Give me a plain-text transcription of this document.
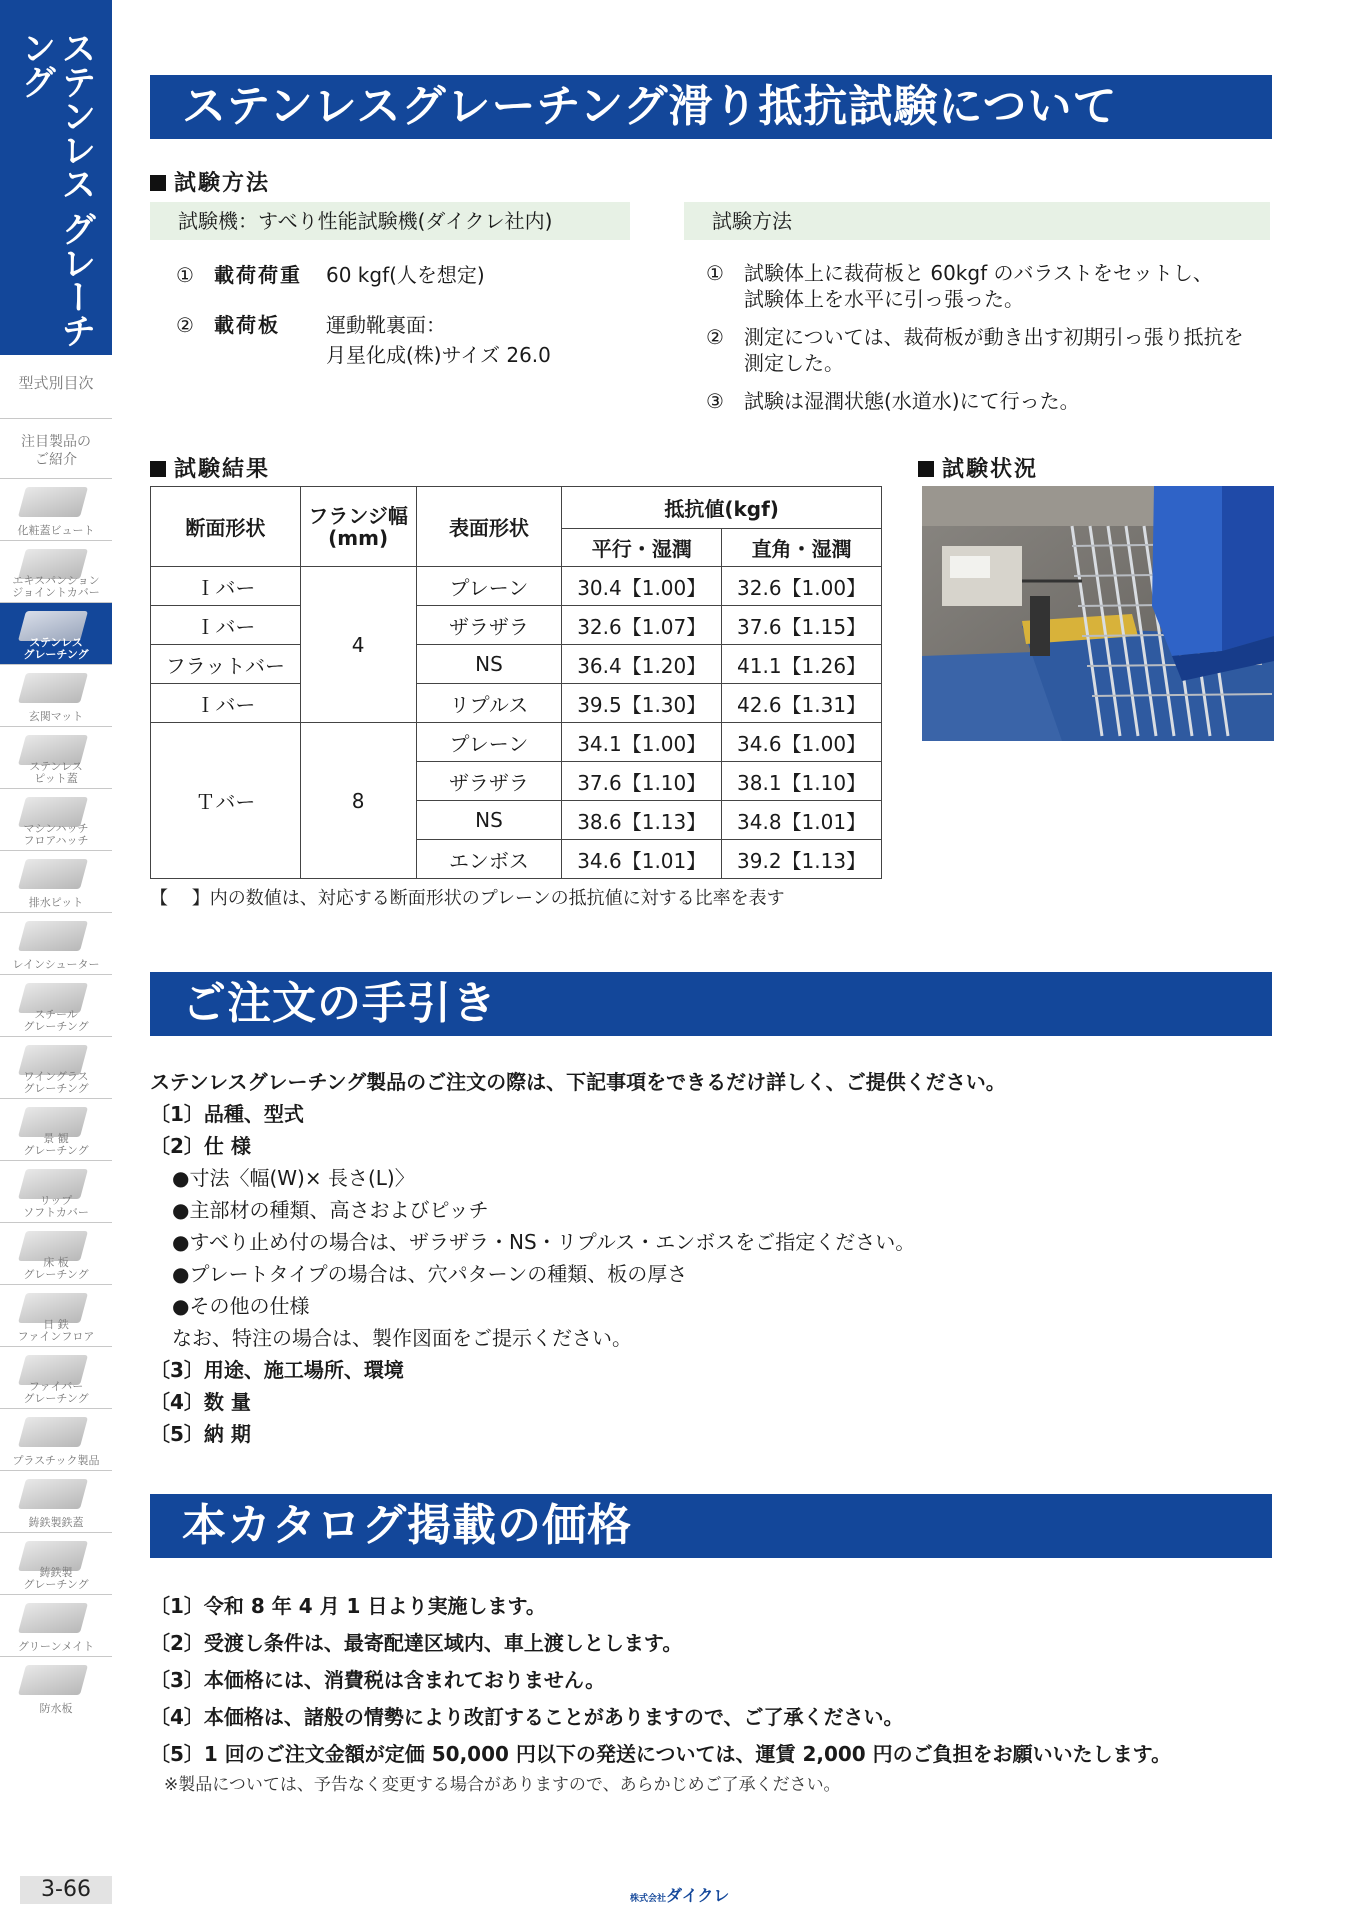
ステンレス グレーチング
型式別目次
注目製品の
ご紹介
化粧蓋ビュート
エキスパンション
ジョイントカバー
ステンレス
グレーチング
玄関マット
ステンレス
ピット蓋
マシンハッチ
フロアハッチ
排水ピット
レインシューター
スチール
グレーチング
ワイングラス
グレーチング
景 観
グレーチング
リップ
ソフトカバー
床 板
グレーチング
日 鉄
ファインフロア
ファイバー
グレーチング
プラスチック製品
鋳鉄製鉄蓋
鋳鉄製
グレーチング
グリーンメイト
防水板
3-66
ステンレスグレーチング滑り抵抗試験について
試験方法
試験機：すべり性能試験機(ダイクレ社内)	試験方法
①	載荷荷重	60 kgf(人を想定)
②	載荷板	運動靴裏面：
月星化成(株)サイズ 26.0
①	試験体上に裁荷板と 60kgf のバラストをセットし、
試験体上を水平に引っ張った。
②	測定については、裁荷板が動き出す初期引っ張り抵抗を
測定した。
③	試験は湿潤状態(水道水)にて行った。
試験結果	試験状況
断面形状	フランジ幅
(mm)	表面形状	抵抗値(kgf)	
			平行・湿潤	直角・湿潤
Ｉバー	4	プレーン	30.4【1.00】	32.6【1.00】
Ｉバー		ザラザラ	32.6【1.07】	37.6【1.15】
フラットバー		NS	36.4【1.20】	41.1【1.26】
Ｉバー		リプルス	39.5【1.30】	42.6【1.31】
Ｔバー	8	プレーン	34.1【1.00】	34.6【1.00】
		ザラザラ	37.6【1.10】	38.1【1.10】
		NS	38.6【1.13】	34.8【1.01】
		エンボス	34.6【1.01】	39.2【1.13】
【　 】内の数値は、対応する断面形状のプレーンの抵抗値に対する比率を表す
ご注文の手引き
ステンレスグレーチング製品のご注文の際は、下記事項をできるだけ詳しく、ご提供ください。
〔1〕品種、型式
〔2〕仕 様
●寸法〈幅(W)× 長さ(L)〉
●主部材の種類、高さおよびピッチ
●すべり止め付の場合は、ザラザラ・NS・リプルス・エンボスをご指定ください。
●プレートタイプの場合は、穴パターンの種類、板の厚さ
●その他の仕様
なお、特注の場合は、製作図面をご提示ください。
〔3〕用途、施工場所、環境
〔4〕数 量
〔5〕納 期
本カタログ掲載の価格
〔1〕令和 8 年 4 月 1 日より実施します。
〔2〕受渡し条件は、最寄配達区域内、車上渡しとします。
〔3〕本価格には、消費税は含まれておりません。
〔4〕本価格は、諸般の情勢により改訂することがありますので、ご了承ください。
〔5〕1 回のご注文金額が定価 50,000 円以下の発送については、運賃 2,000 円のご負担をお願いいたします。
※製品については、予告なく変更する場合がありますので、あらかじめご了承ください。
株式会社ダイクレ
